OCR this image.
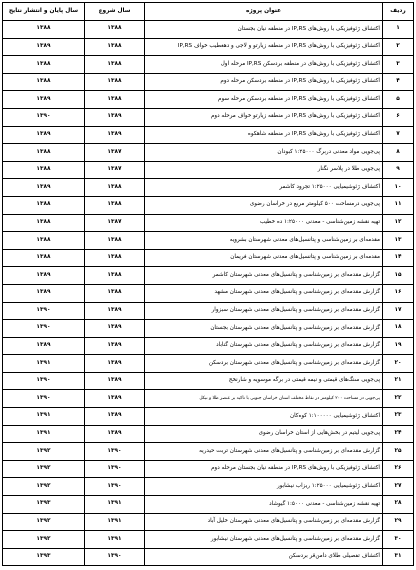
ردیف	عنوان پروژه	سال شروع	سال پایان و انتشار نتایج
۱	اکتشاف ژئوفیزیکی با روش‌های IP,RS در منطقه نیان بجستان	۱۳۸۸	۱۳۸۸
۲	اکتشاف ژئوفیزیکی با روش‌های IP,RS در منطقه زیارتو و لاجی و دهغطیب خواف IP,RS	۱۳۸۸	۱۳۸۹
۳	اکتشاف ژئوفیزیکی با روش‌های در منطقه بردسکن IP,RS مرحله اول	۱۳۸۸	۱۳۸۸
۴	اکتشاف ژئوفیزیکی با روش‌های IP,RS در منطقه بردسکن مرحله دوم	۱۳۸۸	۱۳۸۸
۵	اکتشاف ژئوفیزیکی با روش‌های IP,RS در منطقه بردسکن مرحله سوم	۱۳۸۸	۱۳۸۹
۶	اکتشاف ژئوفیزیکی با روش‌های IP,RS در منطقه زیارتو خواف مرحله دوم	۱۳۸۹	۱۳۹۰
۷	اکتشاف ژئوفیزیکی با روش‌های IP,RS در منطقه شاهکوه	۱۳۸۹	۱۳۸۹
۸	پی‌جویی مواد معدنی دربرگ ۱:۲۵۰۰۰ کبودان	۱۳۸۷	۱۳۸۸
۹	پی‌جویی طلا در پلاسر نگنار	۱۳۸۷	۱۳۸۸
۱۰	اکتشاف ژئوشیمیایی ۱:۲۵۰۰۰ تجرود کاشمر	۱۳۸۸	۱۳۸۹
۱۱	پی‌جویی درمساحت ۵۰۰ کیلومتر مربع در خراسان رضوی	۱۳۸۸	۱۳۸۸
۱۲	تهیه نقشه زمین‌شناسی - معدنی ۱:۲۵۰۰۰ ده خطیب	۱۳۸۷	۱۳۸۸
۱۳	مقدمه‌ای بر زمین‌شناسی و پتانسیل‌های معدنی شهرستان بشرویه	۱۳۸۸	۱۳۸۸
۱۴	مقدمه‌ای بر زمین‌شناسی و پتانسیل‌های معدنی شهرستان فریمان	۱۳۸۸	۱۳۸۸
۱۵	گزارش مقدمه‌ای بر زمین‌شناسی و پتانسیل‌های معدنی شهرستان کاشمر	۱۳۸۸	۱۳۸۹
۱۶	گزارش مقدمه‌ای بر زمین‌شناسی و پتانسیل‌های معدنی شهرستان مشهد	۱۳۸۸	۱۳۸۹
۱۷	گزارش مقدمه‌ای بر زمین‌شناسی و پتانسیل‌های معدنی شهرستان سبزوار	۱۳۸۹	۱۳۹۰
۱۸	گزارش مقدمه‌ای بر زمین‌شناسی و پتانسیل‌های معدنی شهرستان بجستان	۱۳۸۹	۱۳۹۰
۱۹	گزارش مقدمه‌ای بر زمین‌شناسی و پتانسیل‌های معدنی شهرستان گناباد	۱۳۸۹	۱۳۸۹
۲۰	گزارش مقدمه‌ای بر زمین‌شناسی و پتانسیل‌های معدنی شهرستان بردسکن	۱۳۸۹	۱۳۹۱
۲۱	پی‌جویی سنگ‌های قیمتی و نیمه قیمتی در برگه موسویه و شارنخج	۱۳۸۹	۱۳۹۰
۲۲	پی‌جویی در مساحت ۲۰۰ کیلومتر در نقاط مختلف استان خراسان جنوبی با تاکید بر عنصر طلا و نیکل	۱۳۸۹	۱۳۹۰
۲۳	اکتشاف ژئوشیمیایی ۱:۱۰۰۰۰۰ کوه‌کان	۱۳۸۹	۱۳۹۱
۲۴	پی‌جویی لیتیم در بخش‌هایی از استان خراسان رضوی	۱۳۸۹	۱۳۹۱
۲۵	گزارش مقدمه‌ای بر زمین‌شناسی و پتانسیل‌های معدنی شهرستان تربت حیدریه	۱۳۹۰	۱۳۹۲
۲۶	اکتشاف ژئوفیزیکی با روش‌های IP,RS در منطقه نیان بجستان مرحله دوم	۱۳۹۰	۱۳۹۲
۲۷	اکتشاف ژئوشیمیایی ۱:۲۵۰۰۰ ریزاب نیشابور	۱۳۹۰	۱۳۹۲
۲۸	تهیه نقشه زمین‌شناسی - معدنی ۱:۵۰۰۰ گیوشاد	۱۳۹۱	۱۳۹۳
۲۹	گزارش مقدمه‌ای بر زمین‌شناسی و پتانسیل‌های معدنی شهرستان خلیل آباد	۱۳۹۱	۱۳۹۲
۳۰	گزارش مقدمه‌ای بر زمین‌شناسی و پتانسیل‌های معدنی شهرستان نیشابور	۱۳۹۱	۱۳۹۲
۳۱	اکتشاف تفصیلی طلای دامن‌قر بردسکن	۱۳۹۰	۱۳۹۳
